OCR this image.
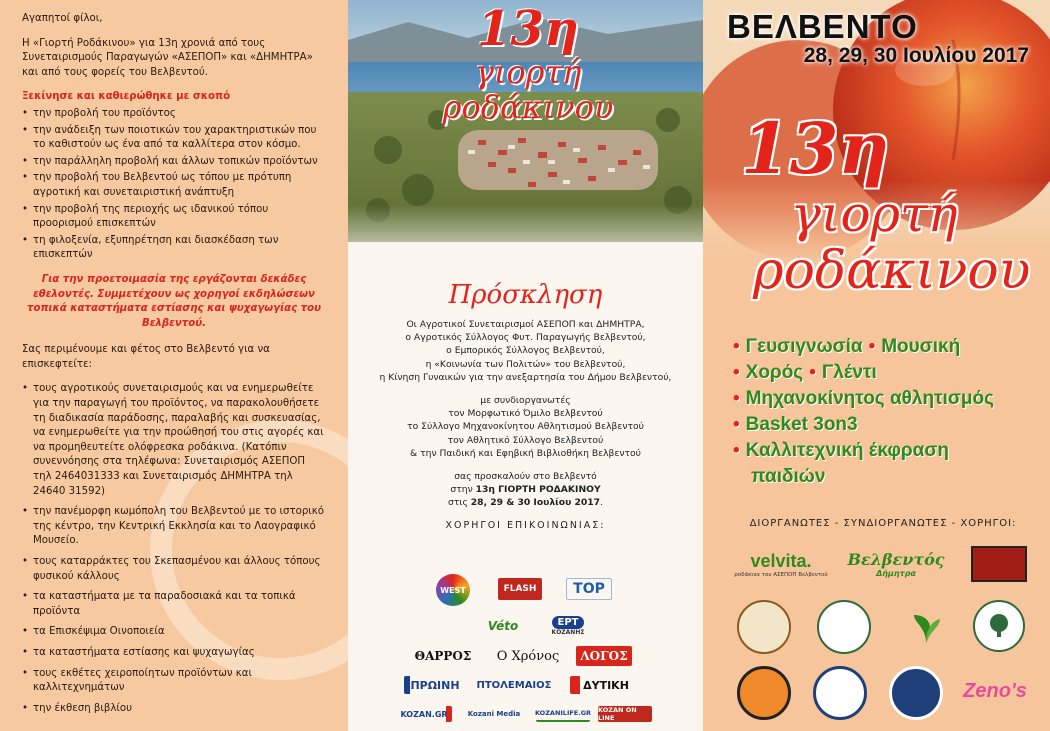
Αγαπητοί φίλοι,

Η «Γιορτή Ροδάκινου» για 13η χρονιά από τους Συνεταιρισμούς Παραγωγών «ΑΣΕΠΟΠ» και «ΔΗΜΗΤΡΑ» και από τους φορείς του Βελβεντού.

Ξεκίνησε και καθιερώθηκε με σκοπό

• την προβολή του προϊόντος
• την ανάδειξη των ποιοτικών του χαρακτηριστικών που το καθιστούν ως ένα από τα καλλίτερα στον κόσμο.
• την παράλληλη προβολή και άλλων τοπικών προϊόντων
• την προβολή του Βελβεντού ως τόπου με πρότυπη αγροτική και συνεταιριστική ανάπτυξη
• την προβολή της περιοχής ως ιδανικού τόπου προορισμού επισκεπτών
• τη φιλοξενία, εξυπηρέτηση και διασκέδαση των επισκεπτών

Για την προετοιμασία της εργάζονται δεκάδες εθελοντές. Συμμετέχουν ως χορηγοί εκδηλώσεων τοπικά καταστήματα εστίασης και ψυχαγωγίας του Βελβεντού.

Σας περιμένουμε και φέτος στο Βελβεντό για να επισκεφτείτε:

• τους αγροτικούς συνεταιρισμούς και να ενημερωθείτε για την παραγωγή του προϊόντος, να παρακολουθήσετε τη διαδικασία παράδοσης, παραλαβής και συσκευασίας, να ενημερωθείτε για την προώθησή του στις αγορές και να προμηθευτείτε ολόφρεσκα ροδάκινα. (Κατόπιν συνεννόησης στα τηλέφωνα: Συνεταιρισμός ΑΣΕΠΟΠ τηλ 2464031333 και Συνεταιρισμός ΔΗΜΗΤΡΑ τηλ 24640 31592)
• την πανέμορφη κωμόπολη του Βελβεντού με το ιστορικό της κέντρο, την Κεντρική Εκκλησία και το Λαογραφικό Μουσείο.
• τους καταρράκτες του Σκεπασμένου και άλλους τόπους φυσικού κάλλους
• τα καταστήματα με τα παραδοσιακά και τα τοπικά προϊόντα
• τα Επισκέψιμα Οινοποιεία
• τα καταστήματα εστίασης και ψυχαγωγίας
• τους εκθέτες χειροποίητων προϊόντων και καλλιτεχνημάτων
• την έκθεση βιβλίου
13η
γιορτή
ροδάκινου
Πρόσκληση
Οι Αγροτικοί Συνεταιρισμοί ΑΣΕΠΟΠ και ΔΗΜΗΤΡΑ,
ο Αγροτικός Σύλλογος Φυτ. Παραγωγής Βελβεντού,
ο Εμπορικός Σύλλογος Βελβεντού,
η «Κοινωνία των Πολιτών» του Βελβεντού,
η Κίνηση Γυναικών για την ανεξαρτησία του Δήμου Βελβεντού,
με συνδιοργανωτές
τον Μορφωτικό Όμιλο Βελβεντού
το Σύλλογο Μηχανοκίνητου Αθλητισμού Βελβεντού
τον Αθλητικό Σύλλογο Βελβεντού
& την Παιδική και Εφηβική Βιβλιοθήκη Βελβεντού
σας προσκαλούν στο Βελβεντό
στην 13η ΓΙΟΡΤΗ ΡΟΔΑΚΙΝΟΥ
στις 28, 29 & 30 Ιουλίου 2017.
ΧΟΡΗΓΟΙ ΕΠΙΚΟΙΝΩΝΙΑΣ:
WEST	FLASH	TOP
Véto	ΕΡΤ
ΚΟΖΑΝΗΣ
ΘΑΡΡΟΣ	Ο Χρόνος	ΛΟΓΟΣ
ΠΡΩΙΝΗ ΠΤΟΛΕΜΑΙΟΣ	ΔΥΤΙΚΗ
KOZAN.GR	Kozani Media	KOZANILIFE.GR KOZAN ON LINE
ΒΕΛΒΕΝΤΟ
28, 29, 30 Ιουλίου 2017
13η
γιορτή
ροδάκινου
• Γευσιγνωσία • Μουσική
• Χορός • Γλέντι
• Μηχανοκίνητος αθλητισμός
• Basket 3on3
• Καλλιτεχνική έκφραση
παιδιών
ΔΙΟΡΓΑΝΩΤΕΣ - ΣΥΝΔΙΟΡΓΑΝΩΤΕΣ - ΧΟΡΗΓΟΙ:
velvita.
ροδάκινα του ΑΣΕΠΟΠ Βελβεντού
Βελβεντός
Δήμητρα
Zeno's
